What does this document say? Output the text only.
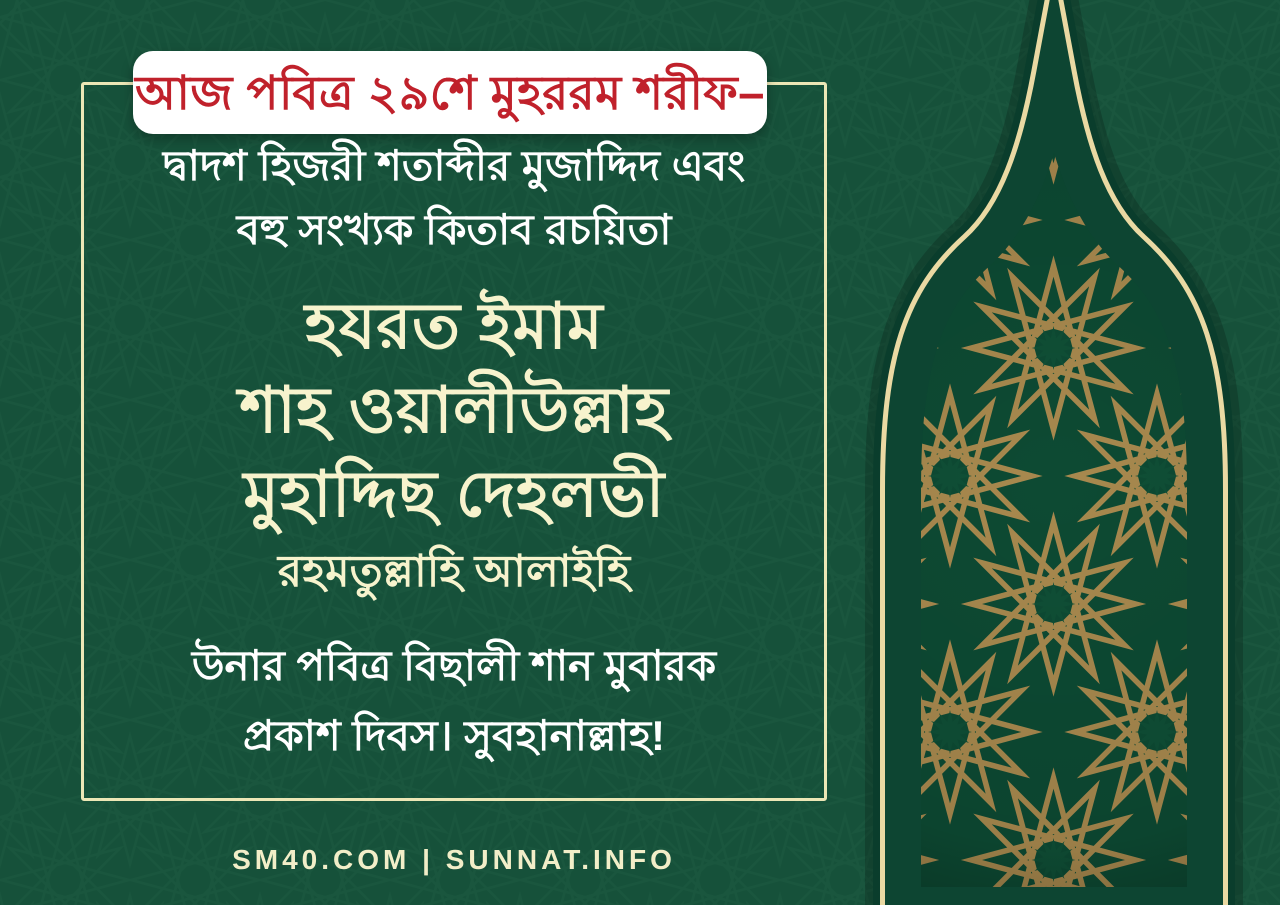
আজ পবিত্র ২৯শে মুহররম শরীফ–
দ্বাদশ হিজরী শতাব্দীর মুজাদ্দিদ এবং
বহু সংখ্যক কিতাব রচয়িতা
হযরত ইমাম
শাহ ওয়ালীউল্লাহ
মুহাদ্দিছ দেহলভী
রহমতুল্লাহি আলাইহি
উনার পবিত্র বিছালী শান মুবারক
প্রকাশ দিবস। সুবহানাল্লাহ!
SM40.COM | SUNNAT.INFO
